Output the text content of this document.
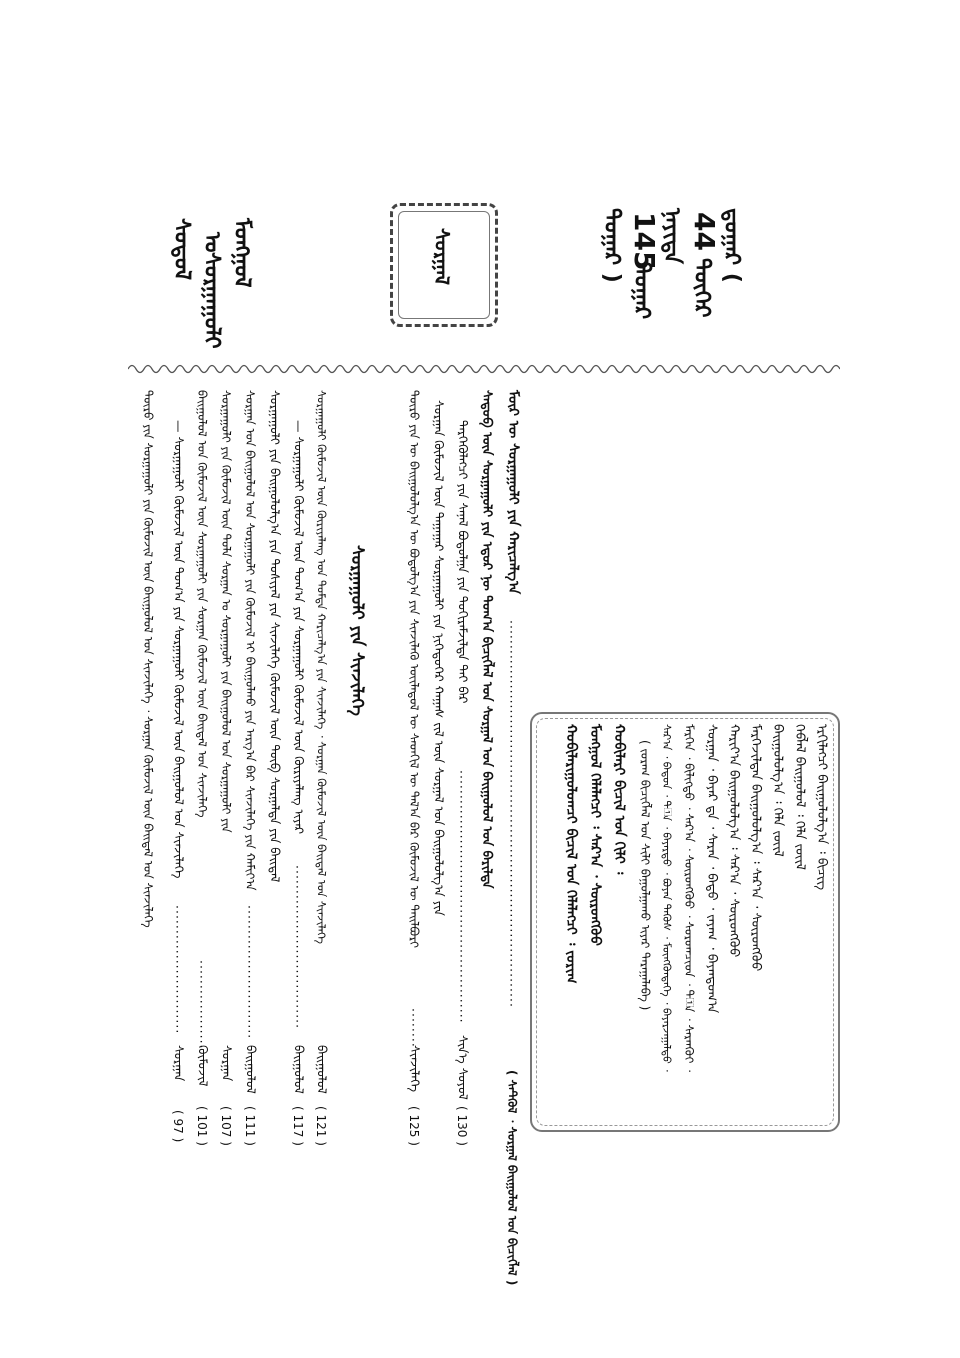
ᠳ᠋ᠤᠭᠠᠷ (
44
ᠳᠦᠭᠡᠷ
ᠨᠡᠶᠢᠲᠡ
145
ᠳᠤᠭᠠᠷ
ᠳᠤᠭᠠᠷ )
ᠮᠣᠩᠭᠣᠯ
ᠤ
ᠰᠤᠷᠭᠠᠭᠤᠯᠢ
ᠰᠤᠳᠤᠯ	ᠰᠤᠷᠭᠠᠯ
ᠡᠷᠬᠢᠯᠡᠭᠴᠢ ᠪᠠᠢᠭᠤᠯᠤᠯᠭ᠎ᠠ ᠄ ᠪᠢᠴᠢᠭ
ᠬᠡᠪᠯᠡᠯ ᠪᠠᠢᠭᠤᠯᠤᠯ ᠄ ᠬᠡᠯᠡ ᠵᠦᠢᠯ
ᠪᠠᠢᠭᠤᠯᠤᠯᠭ᠎ᠠ ᠄ ᠬᠡᠯᠡ ᠵᠦᠢᠯ
ᠮᠡᠷᠭᠡᠵᠢᠯᠲᠡᠨ ᠪᠠᠢᠭᠤᠯᠤᠯᠭ᠎ᠠ ᠄ ᠰᠡᠷ᠎ᠠ ᠂ ᠰᠦᠷᠦᠩᠬᠦᠦ
ᠬᠠᠷᠢᠶ᠎ᠠ ᠪᠠᠢᠭᠤᠯᠤᠯᠭ᠎ᠠ ᠄ ᠰᠡᠷ᠎ᠠ ᠂ ᠰᠦᠷᠦᠩᠬᠦᠦ
ᠰᠤᠷᠭᠠᠨ ᠂ ᠪᠠᠶᠠᠷ ᠳᠠ ᠂ ᠰᠠᠷᠠᠨ ᠂ ᠪᠠᠲᠤ ᠂ ᠵᠠᠶᠠᠭ ᠂ ᠪᠠᠶᠠᠨᠲᠤᠭ᠎ᠠ
ᠮᠡᠷᠭᠡᠨ ᠂ ᠪᠢᠯᠢᠭᠲᠦ ᠂ ᠰᠡᠷ᠎ᠠ ᠂ ᠰᠦᠷᠦᠩᠬᠦᠦ ᠂ ᠰᠤᠷᠤᠭᠴᠢᠳ ᠂ ᠲ᠋ᠠ ᠂ ᠰᠠᠷᠠᠨᠭᠦᠢ ᠂
ᠰᠡᠷ᠎ᠠ ᠂ ᠪᠠᠲᠤᠨ ᠂ ᠲ᠋ᠠ ᠂ ᠪᠠᠶᠠᠷᠲᠤ ᠂ ᠪᠤᠶᠠᠨ ᠲᠡᠭᠦᠰ ᠂ ᠮᠦᠩᠭᠦᠨᠲᠡᠭᠡ ᠂ ᠪᠠᠶᠠᠷᠵᠠᠭᠠᠯᠲᠤ ᠂
( ᠵᠤᠷᠠᠭ ᠪᠢᠴᠢᠭᠯᠡᠯ ᠤᠨ ᠰᠢᠯᠢ ᠪᠠᠭᠤᠯᠭᠠᠬᠤ ᠢᠶᠠᠷ ᠳᠠᠷᠠᠭᠠᠯᠠᠪᠠ )
ᠬᠤᠪᠢᠯᠠᠷᠢ ᠪᠢᠴᠢᠯ ᠤᠨ ᠬᠢᠯᠢ ᠄
ᠮᠣᠩᠭᠣᠯ ᠬᠡᠯᠡᠯᠡᠭᠴᠢ ᠄ ᠰᠡᠷ᠎ᠠ ᠂ ᠰᠦᠷᠦᠩᠬᠦᠦ
ᠬᠤᠪᠢᠯᠠᠷᠢᠭᠤᠯᠤᠭᠴᠢ ᠪᠢᠴᠢᠯ ᠤᠨ ᠬᠡᠯᠡᠯᠡᠭᠴᠢ ᠄ ᠵᠤᠷᠢᠭ
ᠮᠦᠷ ᠦ ᠰᠤᠷᠭᠠᠭᠤᠯᠢ ᠶᠢᠨ ᠬᠠᠷᠢᠴᠠᠯᠭ᠎ᠠ
..............................................................................
( ᠰᠡᠲᠭᠦᠯ ᠂ ᠰᠤᠷᠭᠠᠯ ᠪᠠᠢᠭᠤᠯᠤᠯ ᠤᠨ ᠪᠢᠴᠢᠭᠯᠡᠯ )
ᠰᠡᠳᠦᠪ ᠦᠨ ᠰᠤᠷᠭᠠᠭᠤᠯᠢ ᠶᠢᠨ ᠡᠳᠦᠷ ᠨᠦ ᠲᠣᠭ᠎ᠠ ᠪᠢᠴᠢᠭᠯᠡᠯ ᠤᠨ ᠰᠤᠷᠭᠠᠯ ᠤᠨ ᠪᠠᠢᠭᠤᠯᠤᠯ ᠤᠨ ᠪᠠᠷᠢᠯᠲᠠ
ᠲᠡᠷᠭᠡᠭᠦᠯᠡᠭᠴᠢ ᠶᠢᠨ ᠰᠠᠨᠠᠯ ᠪᠣᠳᠤᠯᠭᠠ ᠶᠢᠨ ᠲᠣᠬᠢᠷᠠᠮᠵᠢᠯᠲᠠ ᠲᠠᠢ ᠪᠠᠷ
...................................................
ᠰᠢᠨ᠎ᠡ ᠰᠣᠶᠣᠯ
( 130 )
ᠰᠤᠷᠭᠠᠨ ᠬᠦᠮᠦᠵᠢᠯ ᠦᠨ ᠳᠠᠭᠠᠭᠠᠷ ᠰᠤᠷᠭᠠᠭᠤᠯᠢ ᠶᠢᠨ ᠨᠢᠭᠡᠳᠦᠭᠡᠷ ᠬᠠᠭᠠᠰ ᠵᠢᠯ ᠦᠨ ᠰᠤᠷᠭᠠᠯ ᠤᠨ ᠪᠠᠢᠭᠤᠯᠤᠯᠭ᠎ᠠ ᠶᠢᠨ
ᠲᠦᠷᠦ ᠶᠢᠨ ᠦ ᠪᠠᠢᠭᠤᠯᠤᠯᠭ᠎ᠠ ᠦ ᠪᠣᠳᠤᠯᠭ᠎ᠠ ᠶᠢᠨ ᠰᠢᠨᠵᠢᠯᠡᠬᠦ ᠦᠢᠯᠡᠳᠦᠯ ᠦ ᠰᠡᠳᠬᠢᠯ ᠦ ᠲᠠᠯ᠎ᠠ ᠪᠠᠷ ᠬᠦᠮᠦᠵᠢᠯ ᠦ ᠲᠠᠢᠯᠪᠤᠷᠢ
........
ᠰᠢᠨᠵᠢᠯᠡᠭᠡ
( 125 )
ᠰᠤᠷᠭᠠᠭᠤᠯᠢ ᠶᠢᠨ ᠰᠢᠨᠵᠢᠯᠡᠭᠡ
ᠰᠤᠷᠭᠠᠭᠤᠯᠢ ᠬᠦᠮᠦᠵᠢᠯ ᠦᠨ ᠬᠦᠷᠢᠶᠡᠯᠡᠩ ᠤᠨ ᠳᠤᠮᠳᠠ ᠬᠠᠷᠢᠴᠠᠯᠭ᠎ᠠ ᠶᠢᠨ ᠰᠢᠨᠵᠢᠯᠡᠭᠡ ᠂ ᠰᠤᠷᠭᠠᠨ ᠬᠦᠮᠦᠵᠢᠯ ᠦᠨ ᠪᠠᠢᠳᠠᠯ ᠤᠨ ᠰᠢᠨᠵᠢᠯᠡᠭᠡ
ᠪᠠᠢᠭᠤᠯᠤᠯ
( 121 )
— ᠰᠤᠷᠭᠠᠭᠤᠯᠢ ᠬᠦᠮᠦᠵᠢᠯ ᠦᠨ ᠲᠣᠭ᠎ᠠ ᠶᠢᠨ ᠰᠤᠷᠭᠠᠭᠤᠯᠢ ᠬᠦᠮᠦᠵᠢᠯ ᠦᠨ ᠬᠦᠷᠢᠶᠡᠯᠡᠩ ᠢᠶᠡᠷ
.................................
ᠪᠠᠢᠭᠤᠯᠤᠯ
( 117 )
ᠰᠤᠷᠭᠠᠭᠤᠯᠢ ᠶᠢᠨ ᠪᠠᠢᠭᠤᠯᠤᠯᠭ᠎ᠠ ᠶᠢᠨ ᠲᠤᠰᠢᠶᠠᠯ ᠶᠢᠨ ᠰᠢᠨᠵᠢᠯᠡᠭᠡ ᠬᠦᠮᠦᠵᠢᠯ ᠦᠨ ᠲᠦᠪ ᠰᠤᠷᠭᠠᠯᠲᠠ ᠶᠢᠨ ᠪᠠᠢᠳᠠᠯ
ᠰᠤᠷᠭᠠᠨ ᠤᠨ ᠪᠠᠢᠭᠤᠯᠤᠯ ᠤᠨ ᠰᠤᠷᠭᠠᠭᠤᠯᠢ ᠶᠢᠨ ᠬᠦᠮᠦᠵᠢᠯ ᠢ ᠪᠠᠢᠭᠤᠯᠬᠤ ᠶᠢᠨ ᠠᠷᠭ᠎ᠠ ᠪᠠᠷ ᠰᠢᠨᠵᠢᠯᠡᠭᠡ ᠶᠢᠨ ᠬᠠᠮᠢᠶ᠎ᠠ
...........................
ᠪᠠᠢᠭᠤᠯᠤᠯ
( 111 )
ᠰᠤᠷᠭᠠᠭᠤᠯᠢ ᠶᠢᠨ ᠬᠦᠮᠦᠵᠢᠯ ᠦᠨ ᠲᠤᠯᠠ ᠰᠤᠷᠭᠠᠨ ᠤ ᠰᠤᠷᠭᠠᠭᠤᠯᠢ ᠶᠢᠨ ᠪᠠᠢᠭᠤᠯᠤᠯ ᠤᠨ ᠰᠤᠷᠭᠠᠭᠤᠯᠢ ᠶᠢᠨ
ᠰᠤᠷᠭᠠᠨ
( 107 )
ᠪᠠᠢᠭᠤᠯᠤᠯ ᠤᠨ ᠬᠦᠮᠦᠵᠢᠯ ᠦᠨ ᠰᠤᠷᠭᠠᠭᠤᠯᠢ ᠶᠢᠨ ᠰᠤᠷᠭᠠᠨ ᠬᠦᠮᠦᠵᠢᠯ ᠦᠨ ᠪᠠᠢᠳᠠᠯ ᠤᠨ ᠰᠢᠨᠵᠢᠯᠡᠭᠡ
..................
ᠬᠦᠮᠦᠵᠢᠯ
( 101 )
— ᠰᠤᠷᠭᠠᠭᠤᠯᠢ ᠬᠦᠮᠦᠵᠢᠯ ᠦᠨ ᠲᠣᠭ᠎ᠠ ᠶᠢᠨ ᠰᠤᠷᠭᠠᠭᠤᠯᠢ ᠬᠦᠮᠦᠵᠢᠯ ᠦᠨ ᠪᠠᠢᠭᠤᠯᠤᠯ ᠤᠨ ᠰᠢᠨᠵᠢᠯᠡᠭᠡ
..........................
ᠰᠤᠷᠭᠠᠨ
( 97 )
ᠲᠦᠷᠦ ᠶᠢᠨ ᠰᠤᠷᠭᠠᠭᠤᠯᠢ ᠶᠢᠨ ᠬᠦᠮᠦᠵᠢᠯ ᠦᠨ ᠪᠠᠢᠭᠤᠯᠤᠯ ᠤᠨ ᠰᠢᠨᠵᠢᠯᠡᠭᠡ ᠂ ᠰᠤᠷᠭᠠᠨ ᠬᠦᠮᠦᠵᠢᠯ ᠦᠨ ᠪᠠᠢᠳᠠᠯ ᠤᠨ ᠰᠢᠨᠵᠢᠯᠡᠭᠡ
